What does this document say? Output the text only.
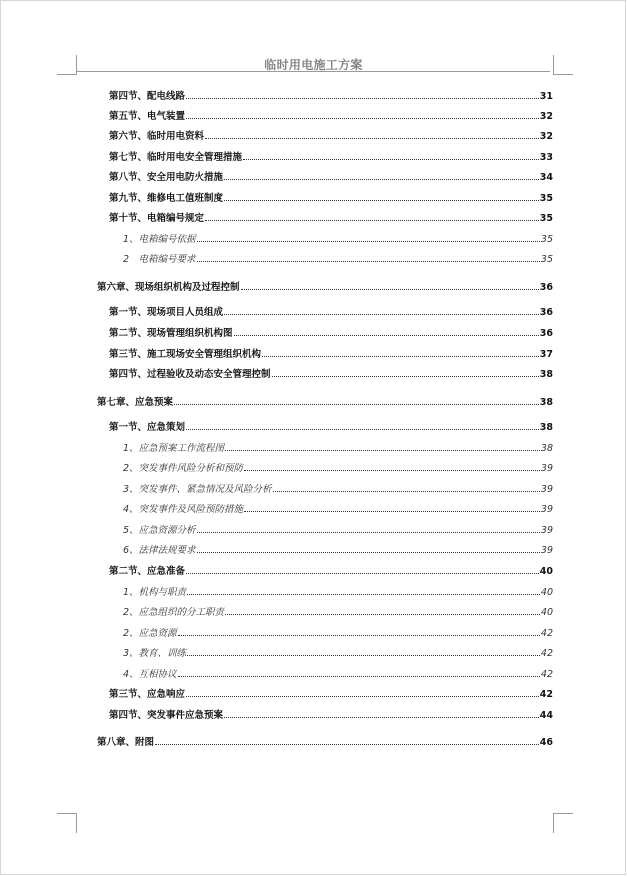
临时用电施工方案
第四节、配电线路	31
第五节、电气装置	32
第六节、临时用电资料	32
第七节、临时用电安全管理措施	33
第八节、安全用电防火措施	34
第九节、维修电工值班制度	35
第十节、电箱编号规定	35
1、电箱编号依据	35
2　电箱编号要求	35
第六章、现场组织机构及过程控制	36
第一节、现场项目人员组成	36
第二节、现场管理组织机构图	36
第三节、施工现场安全管理组织机构	37
第四节、过程验收及动态安全管理控制	38
第七章、应急预案	38
第一节、应急策划	38
1、应急预案工作流程图	38
2、突发事件风险分析和预防	39
3、突发事件、紧急情况及风险分析	39
4、突发事件及风险预防措施	39
5、应急资源分析	39
6、法律法规要求	39
第二节、应急准备	40
1、机构与职责	40
2、应急组织的分工职责	40
2、应急资源	42
3、教育、训练	42
4、互相协议	42
第三节、应急响应	42
第四节、突发事件应急预案	44
第八章、附图	46
